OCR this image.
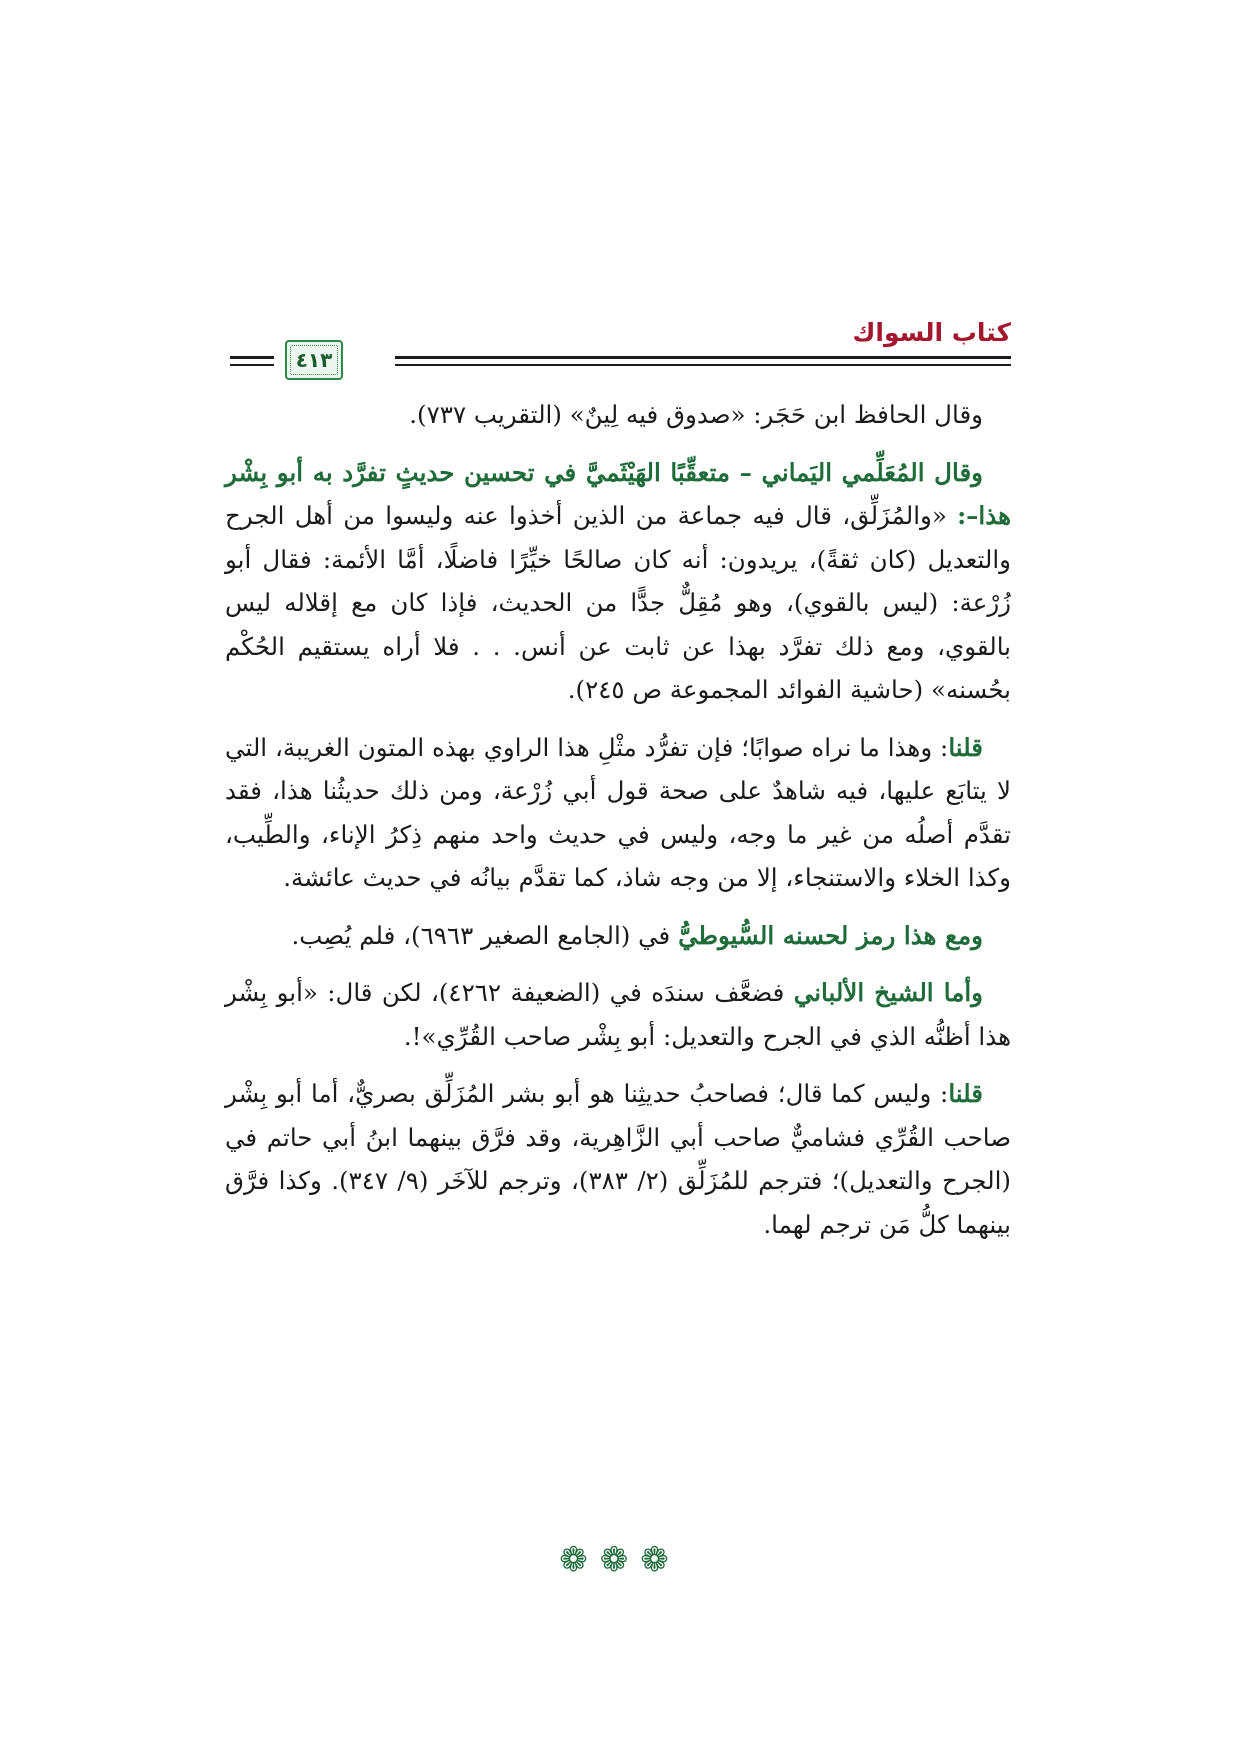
كتاب السواك
٤١٣

وقال الحافظ ابن حَجَر: «صدوق فيه لِينٌ» (التقريب ٧٣٧).

وقال المُعَلِّمي اليَماني – متعقِّبًا الهَيْثَميَّ في تحسين حديثٍ تفرَّد به أبو بِشْر هذا–: «والمُزَلِّق، قال فيه جماعة من الذين أخذوا عنه وليسوا من أهل الجرح والتعديل (كان ثقةً)، يريدون: أنه كان صالحًا خيِّرًا فاضلًا، أمَّا الأئمة: فقال أبو زُرْعة: (ليس بالقوي)، وهو مُقِلٌّ جدًّا من الحديث، فإذا كان مع إقلاله ليس بالقوي، ومع ذلك تفرَّد بهذا عن ثابت عن أنس. . . فلا أراه يستقيم الحُكْم بحُسنه» (حاشية الفوائد المجموعة ص ٢٤٥).

قلنا: وهذا ما نراه صوابًا؛ فإن تفرُّد مثْلِ هذا الراوي بهذه المتون الغريبة، التي لا يتابَع عليها، فيه شاهدٌ على صحة قول أبي زُرْعة، ومن ذلك حديثُنا هذا، فقد تقدَّم أصلُه من غير ما وجه، وليس في حديث واحد منهم ذِكرُ الإناء، والطِّيب، وكذا الخلاء والاستنجاء، إلا من وجه شاذ، كما تقدَّم بيانُه في حديث عائشة.

ومع هذا رمز لحسنه السُّيوطيُّ في (الجامع الصغير ٦٩٦٣)، فلم يُصِب.

وأما الشيخ الألباني فضعَّف سندَه في (الضعيفة ٤٢٦٢)، لكن قال: «أبو بِشْر هذا أظنُّه الذي في الجرح والتعديل: أبو بِشْر صاحب القُرِّي»!.

قلنا: وليس كما قال؛ فصاحبُ حديثِنا هو أبو بشر المُزَلِّق بصريٌّ، أما أبو بِشْر صاحب القُرِّي فشاميٌّ صاحب أبي الزَّاهِرية، وقد فرَّق بينهما ابنُ أبي حاتم في (الجرح والتعديل)؛ فترجم للمُزَلِّق (٢/ ٣٨٣)، وترجم للآخَر (٩/ ٣٤٧). وكذا فرَّق بينهما كلُّ مَن ترجم لهما.

❁❁❁
